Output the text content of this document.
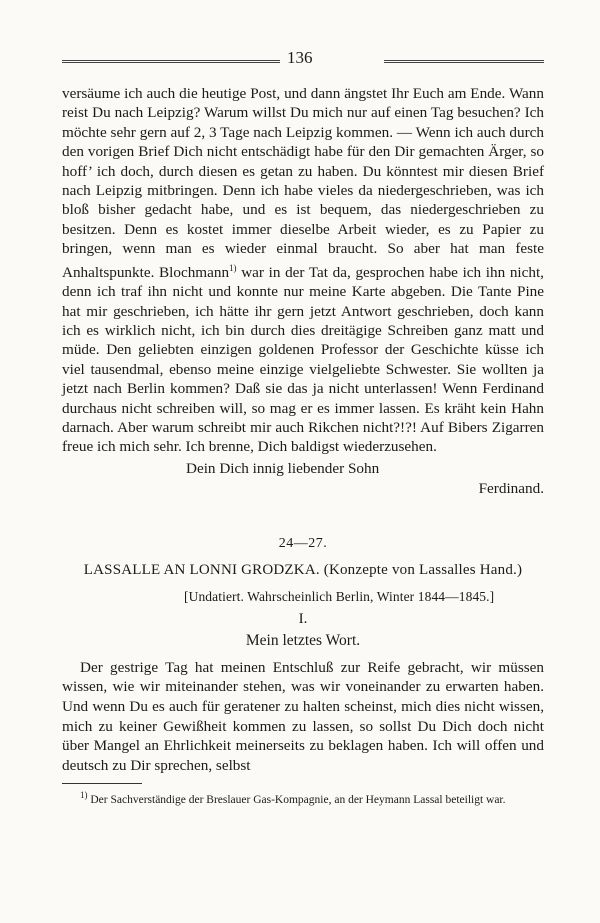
136

versäume ich auch die heutige Post, und dann ängstet Ihr Euch am Ende. Wann reist Du nach Leipzig? Warum willst Du mich nur auf einen Tag besuchen? Ich möchte sehr gern auf 2, 3 Tage nach Leipzig kommen. — Wenn ich auch durch den vorigen Brief Dich nicht entschädigt habe für den Dir gemachten Ärger, so hoff’ ich doch, durch diesen es getan zu haben. Du könntest mir diesen Brief nach Leipzig mitbringen. Denn ich habe vieles da niedergeschrieben, was ich bloß bisher gedacht habe, und es ist bequem, das niedergeschrieben zu besitzen. Denn es kostet immer dieselbe Arbeit wieder, es zu Papier zu bringen, wenn man es wieder einmal braucht. So aber hat man feste Anhaltspunkte. Blochmann$^{1)}$ war in der Tat da, gesprochen habe ich ihn nicht, denn ich traf ihn nicht und konnte nur meine Karte abgeben. Die Tante Pine hat mir geschrieben, ich hätte ihr gern jetzt Antwort geschrieben, doch kann ich es wirklich nicht, ich bin durch dies dreitägige Schreiben ganz matt und müde. Den geliebten einzigen goldenen Professor der Geschichte küsse ich viel tausendmal, ebenso meine einzige vielgeliebte Schwester. Sie wollten ja jetzt nach Berlin kommen? Daß sie das ja nicht unterlassen! Wenn Ferdinand durchaus nicht schreiben will, so mag er es immer lassen. Es kräht kein Hahn darnach. Aber warum schreibt mir auch Rikchen nicht?!?! Auf Bibers Zigarren freue ich mich sehr. Ich brenne, Dich baldigst wiederzusehen.

Dein Dich innig liebender Sohn
Ferdinand.
24—27.
LASSALLE AN LONNI GRODZKA. (Konzepte von Lassalles Hand.)
[Undatiert. Wahrscheinlich Berlin, Winter 1844—1845.]
I.
Mein letztes Wort.
Der gestrige Tag hat meinen Entschluß zur Reife gebracht, wir müssen wissen, wie wir miteinander stehen, was wir voneinander zu erwarten haben. Und wenn Du es auch für geratener zu halten scheinst, mich dies nicht wissen, mich zu keiner Gewißheit kommen zu lassen, so sollst Du Dich doch nicht über Mangel an Ehrlichkeit meinerseits zu beklagen haben. Ich will offen und deutsch zu Dir sprechen, selbst
$^{1)}$ Der Sachverständige der Breslauer Gas-Kompagnie, an der Heymann Lassal beteiligt war.
